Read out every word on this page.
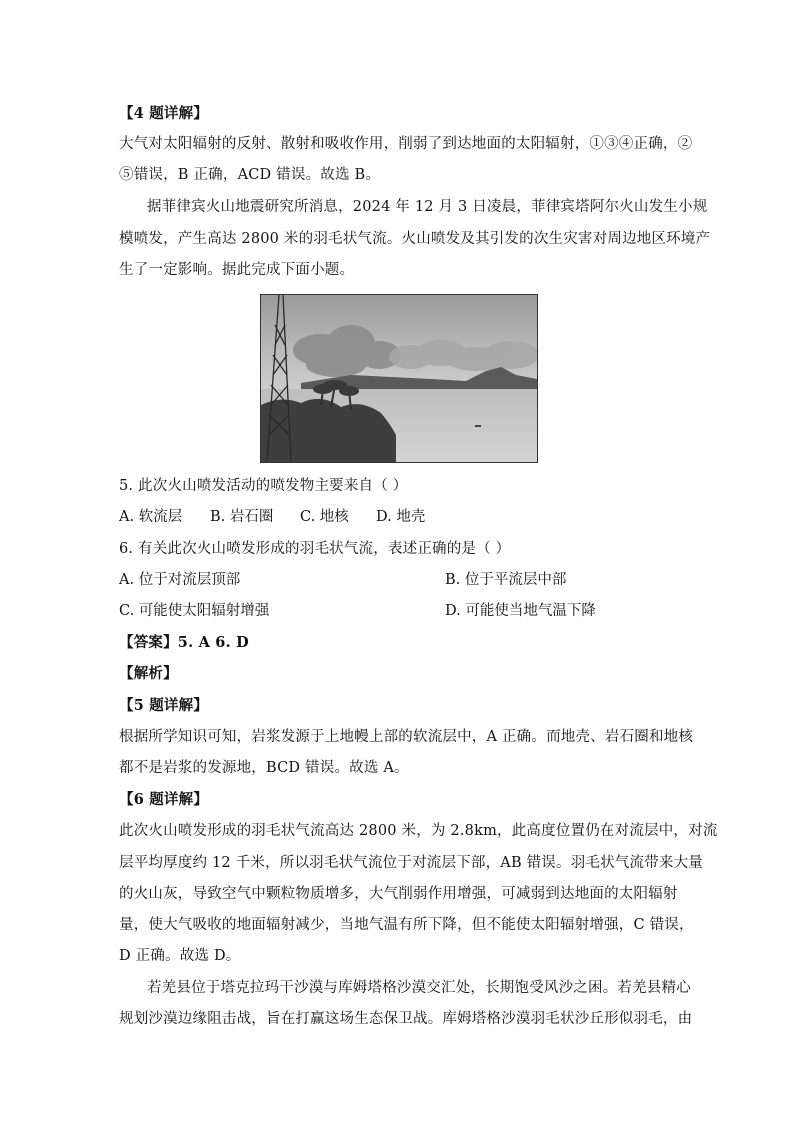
【4 题详解】
大气对太阳辐射的反射、散射和吸收作用，削弱了到达地面的太阳辐射，①③④正确，②
⑤错误，B 正确，ACD 错误。故选 B。
据菲律宾火山地震研究所消息，2024 年 12 月 3 日凌晨，菲律宾塔阿尔火山发生小规
模喷发，产生高达 2800 米的羽毛状气流。火山喷发及其引发的次生灾害对周边地区环境产
生了一定影响。据此完成下面小题。
5. 此次火山喷发活动的喷发物主要来自（ ）
A. 软流层 B. 岩石圈 C. 地核 D. 地壳
6. 有关此次火山喷发形成的羽毛状气流，表述正确的是（ ）
A. 位于对流层顶部	B. 位于平流层中部
C. 可能使太阳辐射增强	D. 可能使当地气温下降
【答案】5. A 6. D
【解析】
【5 题详解】
根据所学知识可知，岩浆发源于上地幔上部的软流层中，A 正确。而地壳、岩石圈和地核
都不是岩浆的发源地，BCD 错误。故选 A。
【6 题详解】
此次火山喷发形成的羽毛状气流高达 2800 米，为 2.8km，此高度位置仍在对流层中，对流
层平均厚度约 12 千米，所以羽毛状气流位于对流层下部，AB 错误。羽毛状气流带来大量
的火山灰，导致空气中颗粒物质增多，大气削弱作用增强，可减弱到达地面的太阳辐射
量，使大气吸收的地面辐射减少，当地气温有所下降，但不能使太阳辐射增强，C 错误，
D 正确。故选 D。
若羌县位于塔克拉玛干沙漠与库姆塔格沙漠交汇处，长期饱受风沙之困。若羌县精心
规划沙漠边缘阻击战，旨在打赢这场生态保卫战。库姆塔格沙漠羽毛状沙丘形似羽毛，由
